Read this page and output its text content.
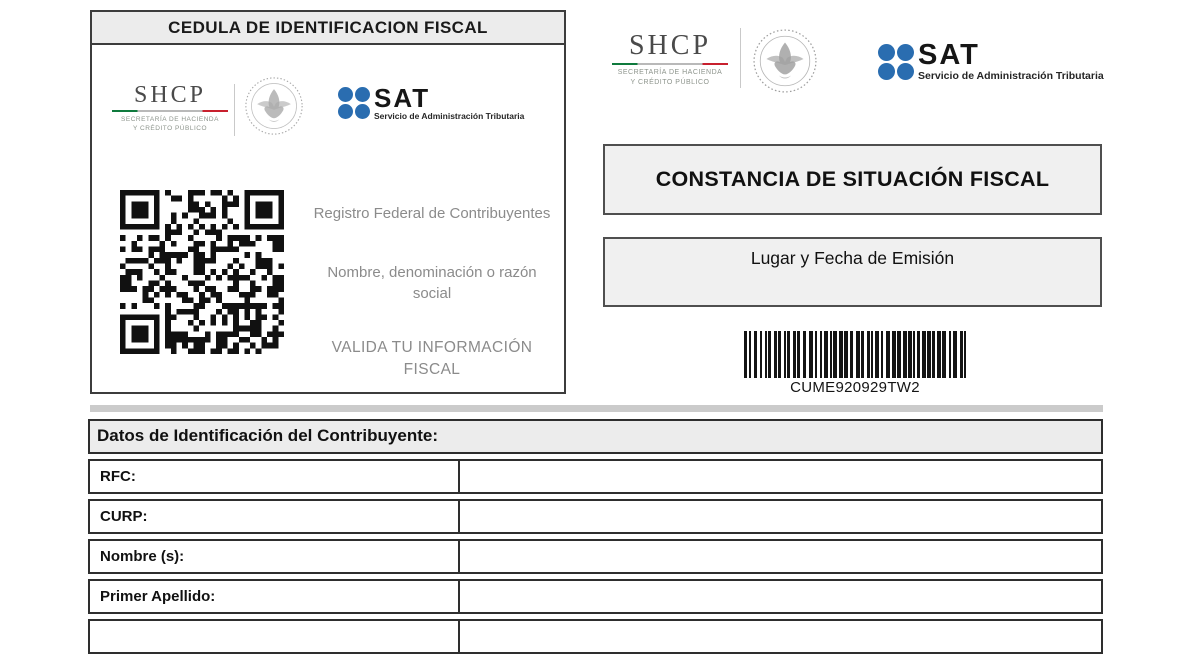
CEDULA DE IDENTIFICACION FISCAL
SHCP
SECRETARÍA DE HACIENDA
Y CRÉDITO PÚBLICO
SAT
Servicio de Administración Tributaria
Registro Federal de Contribuyentes
Nombre, denominación o razón social
VALIDA TU INFORMACIÓN FISCAL
SHCP
SECRETARÍA DE HACIENDA
Y CRÉDITO PÚBLICO
SAT
Servicio de Administración Tributaria
CONSTANCIA DE SITUACIÓN FISCAL
Lugar y Fecha de Emisión
CUME920929TW2
Datos de Identificación del Contribuyente:
RFC:
CURP:
Nombre (s):
Primer Apellido:
